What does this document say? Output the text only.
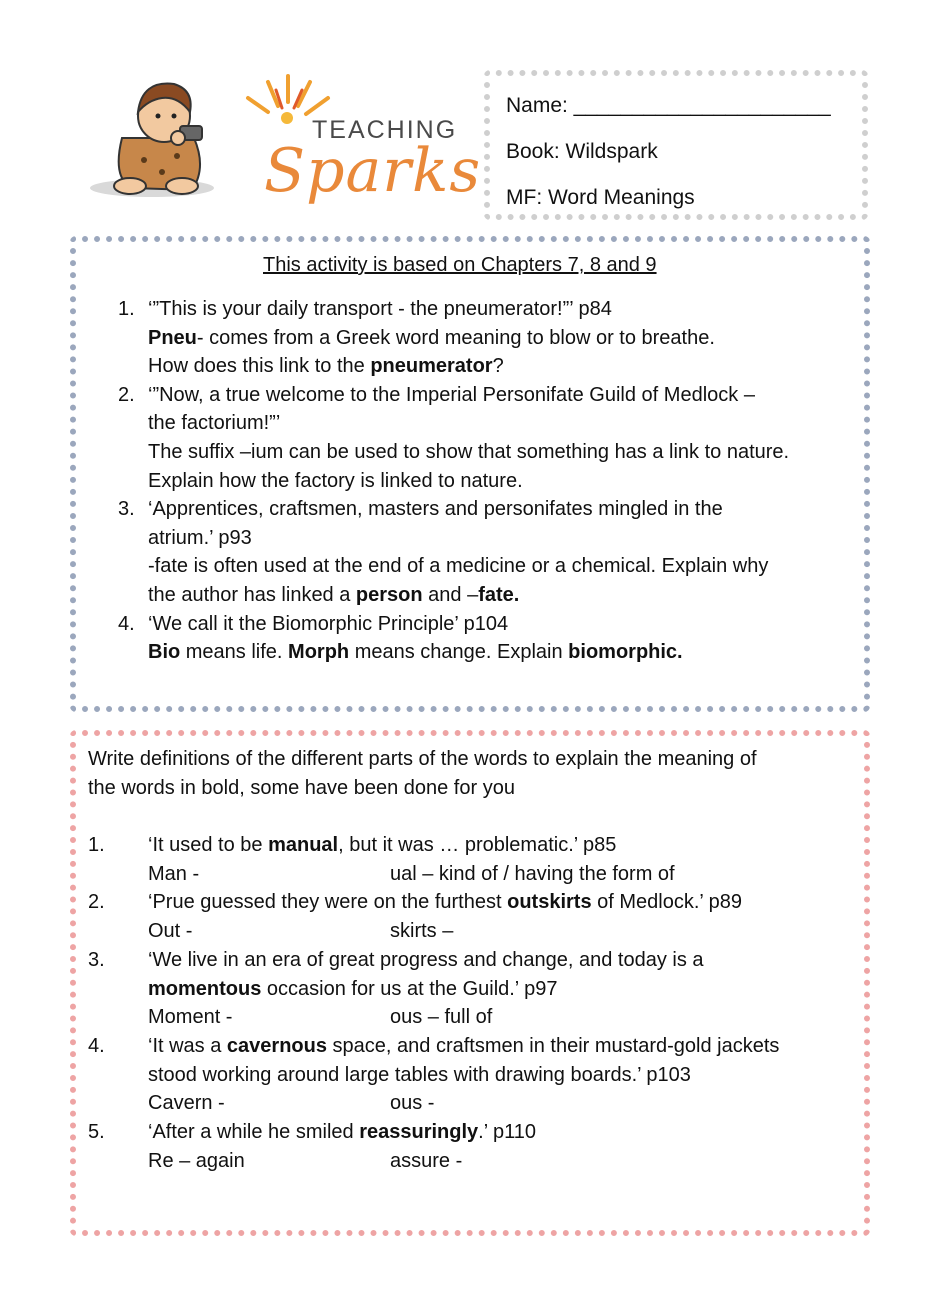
TEACHING
Sparks
Name: ______________________
Book: Wildspark
MF: Word Meanings
This activity is based on Chapters 7, 8 and 9
1. ‘”This is your daily transport - the pneumerator!”’ p84
Pneu- comes from a Greek word meaning to blow or to breathe.
How does this link to the pneumerator?
2. ‘”Now, a true welcome to the Imperial Personifate Guild of Medlock –
the factorium!”’
The suffix –ium can be used to show that something has a link to nature.
Explain how the factory is linked to nature.
3. ‘Apprentices, craftsmen, masters and personifates mingled in the
atrium.’ p93
-fate is often used at the end of a medicine or a chemical. Explain why
the author has linked a person and –fate.
4. ‘We call it the Biomorphic Principle’ p104
Bio means life. Morph means change. Explain biomorphic.
Write definitions of the different parts of the words to explain the meaning of
the words in bold, some have been done for you
1. ‘It used to be manual, but it was … problematic.’ p85
Man -	ual – kind of / having the form of
2. ‘Prue guessed they were on the furthest outskirts of Medlock.’ p89
Out -	skirts –
3. ‘We live in an era of great progress and change, and today is a
momentous occasion for us at the Guild.’ p97
Moment -	ous – full of
4. ‘It was a cavernous space, and craftsmen in their mustard-gold jackets
stood working around large tables with drawing boards.’ p103
Cavern -	ous -
5. ‘After a while he smiled reassuringly.’ p110
Re – again	assure -
